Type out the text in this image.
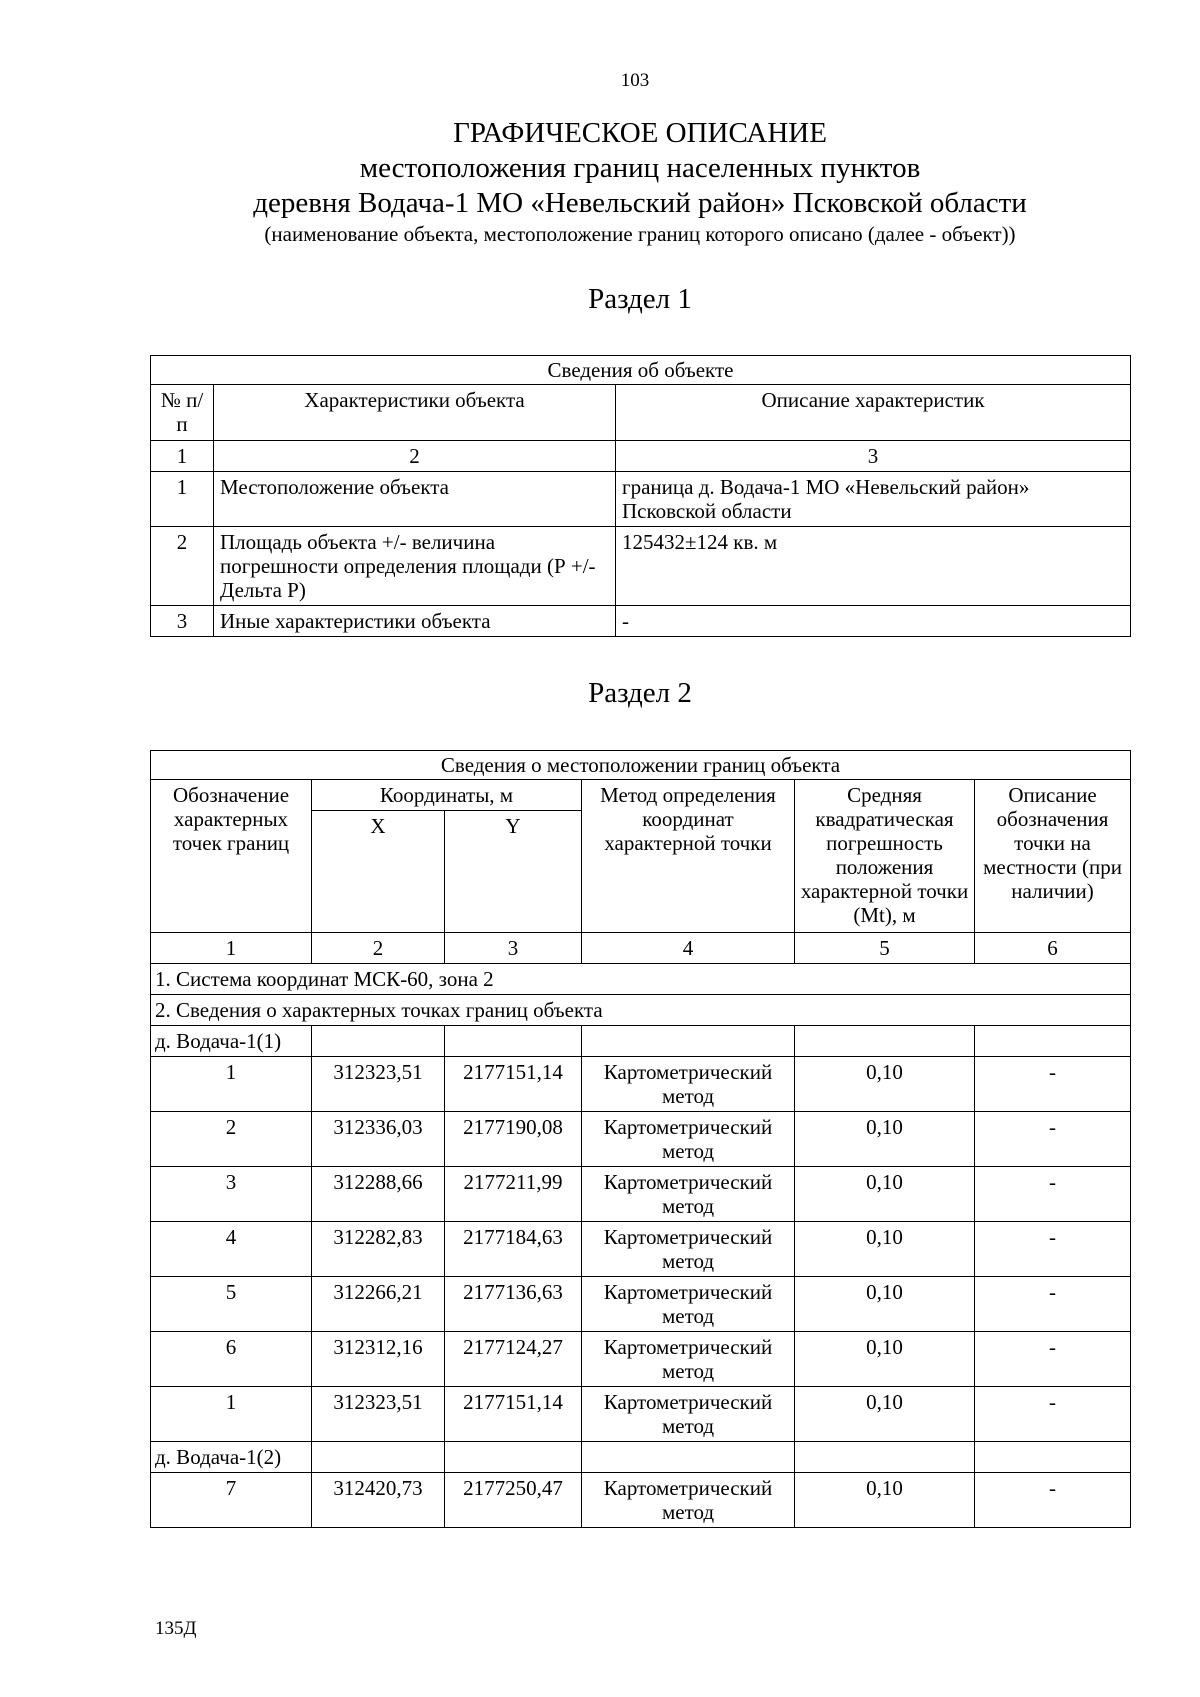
103
ГРАФИЧЕСКОЕ ОПИСАНИЕ
местоположения границ населенных пунктов
деревня Водача-1 МО «Невельский район» Псковской области
(наименование объекта, местоположение границ которого описано (далее - объект))
Раздел 1
Сведения об объекте		
№ п/п	Характеристики объекта	Описание характеристик
1	2	3
1	Местоположение объекта	граница д. Водача-1 МО «Невельский район» Псковской области
2	Площадь объекта +/- величина погрешности определения площади (Р +/- Дельта Р)	125432±124 кв. м
3	Иные характеристики объекта	-
Раздел 2
Сведения о местоположении границ объекта					
Обозначение характерных точек границ	Координаты, м		Метод определения координат характерной точки	Средняя квадратическая погрешность положения характерной точки (Mt), м	Описание обозначения точки на местности (при наличии)
	X	Y			
1	2	3	4	5	6
1. Система координат МСК-60, зона 2					
2. Сведения о характерных точках границ объекта					
д. Водача-1(1)					
1	312323,51	2177151,14	Картометрический метод	0,10	-
2	312336,03	2177190,08	Картометрический метод	0,10	-
3	312288,66	2177211,99	Картометрический метод	0,10	-
4	312282,83	2177184,63	Картометрический метод	0,10	-
5	312266,21	2177136,63	Картометрический метод	0,10	-
6	312312,16	2177124,27	Картометрический метод	0,10	-
1	312323,51	2177151,14	Картометрический метод	0,10	-
д. Водача-1(2)					
7	312420,73	2177250,47	Картометрический метод	0,10	-
135Д
